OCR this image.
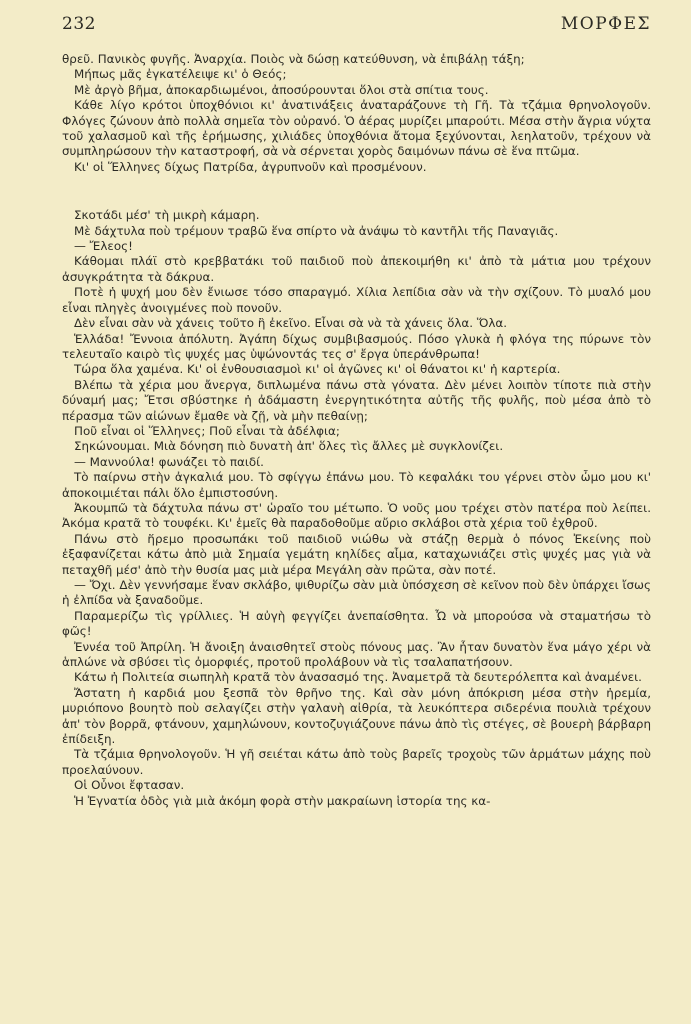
232	ΜΟΡΦΕΣ

θρεῦ. Πανικὸς φυγῆς. Ἀναρχία. Ποιὸς νὰ δώσῃ κατεύθυνση, νὰ ἐπιβάλῃ τάξη;

Μήπως μᾶς ἐγκατέλειψε κι' ὁ Θεός;

Μὲ ἀργὸ βῆμα, ἀποκαρδιωμένοι, ἀποσύρουνται ὅλοι στὰ σπίτια τους.

Κάθε λίγο κρότοι ὑποχθόνιοι κι' ἀνατινάξεις ἀναταράζουνε τὴ Γῆ. Τὰ τζάμια θρηνολογοῦν. Φλόγες ζώνουν ἀπὸ πολλὰ σημεῖα τὸν οὐρανό. Ὁ ἀέρας μυρίζει μπαρούτι. Μέσα στὴν ἄγρια νύχτα τοῦ χαλασμοῦ καὶ τῆς ἐρήμωσης, χιλιάδες ὑποχθόνια ἄτομα ξεχύνονται, λεηλατοῦν, τρέχουν νὰ συμπληρώσουν τὴν καταστροφή, σὰ νὰ σέρνεται χορὸς δαιμόνων πάνω σὲ ἕνα πτῶμα.

Κι' οἱ Ἕλληνες δίχως Πατρίδα, ἀγρυπνοῦν καὶ προσμένουν.

Σκοτάδι μέσ' τὴ μικρὴ κάμαρη.

Μὲ δάχτυλα ποὺ τρέμουν τραβῶ ἕνα σπίρτο νὰ ἀνάψω τὸ καντῆλι τῆς Παναγιᾶς.

— Ἔλεος!

Κάθομαι πλάϊ στὸ κρεββατάκι τοῦ παιδιοῦ ποὺ ἀπεκοιμήθη κι' ἀπὸ τὰ μάτια μου τρέχουν ἀσυγκράτητα τὰ δάκρυα.

Ποτὲ ἡ ψυχή μου δὲν ἔνιωσε τόσο σπαραγμό. Χίλια λεπίδια σὰν νὰ τὴν σχίζουν. Τὸ μυαλό μου εἶναι πληγὲς ἀνοιγμένες ποὺ πονοῦν.

Δὲν εἶναι σὰν νὰ χάνεις τοῦτο ἢ ἐκεῖνο. Εἶναι σὰ νὰ τὰ χάνεις ὅλα. Ὅλα.

Ἑλλάδα! Ἔννοια ἀπόλυτη. Ἀγάπη δίχως συμβιβασμούς. Πόσο γλυκὰ ἡ φλόγα της πύρωνε τὸν τελευταῖο καιρὸ τὶς ψυχές μας ὑψώνοντάς τες σ' ἔργα ὑπεράνθρωπα!

Τώρα ὅλα χαμένα. Κι' οἱ ἐνθουσιασμοὶ κι' οἱ ἀγῶνες κι' οἱ θάνατοι κι' ἡ καρτερία.

Βλέπω τὰ χέρια μου ἄνεργα, διπλωμένα πάνω στὰ γόνατα. Δὲν μένει λοιπὸν τίποτε πιὰ στὴν δύναμή μας; Ἔτσι σβύστηκε ἡ ἀδάμαστη ἐνεργητικότητα αὐτῆς τῆς φυλῆς, ποὺ μέσα ἀπὸ τὸ πέρασμα τῶν αἰώνων ἔμαθε νὰ ζῇ, νὰ μὴν πεθαίνῃ;

Ποῦ εἶναι οἱ Ἕλληνες; Ποῦ εἶναι τὰ ἀδέλφια;

Σηκώνουμαι. Μιὰ δόνηση πιὸ δυνατὴ ἀπ' ὅλες τὶς ἄλλες μὲ συγκλονίζει.

— Μαννούλα! φωνάζει τὸ παιδί.

Τὸ παίρνω στὴν ἀγκαλιά μου. Τὸ σφίγγω ἐπάνω μου. Τὸ κεφαλάκι του γέρνει στὸν ὦμο μου κι' ἀποκοιμιέται πάλι ὅλο ἐμπιστοσύνη.

Ἀκουμπῶ τὰ δάχτυλα πάνω στ' ὡραῖο του μέτωπο. Ὁ νοῦς μου τρέχει στὸν πατέρα ποὺ λείπει. Ἀκόμα κρατᾶ τὸ τουφέκι. Κι' ἐμεῖς θὰ παραδοθοῦμε αὔριο σκλάβοι στὰ χέρια τοῦ ἐχθροῦ.

Πάνω στὸ ἥρεμο προσωπάκι τοῦ παιδιοῦ νιώθω νὰ στάζῃ θερμὰ ὁ πόνος Ἐκείνης ποὺ ἐξαφανίζεται κάτω ἀπὸ μιὰ Σημαία γεμάτη κηλίδες αἷμα, καταχωνιάζει στὶς ψυχές μας γιὰ νὰ πεταχθῆ μέσ' ἀπὸ τὴν θυσία μας μιὰ μέρα Μεγάλη σὰν πρῶτα, σὰν ποτέ.

— Ὄχι. Δὲν γεννήσαμε ἕναν σκλάβο, ψιθυρίζω σὰν μιὰ ὑπόσχεση σὲ κεῖνον ποὺ δὲν ὑπάρχει ἴσως ἡ ἐλπίδα νὰ ξαναδοῦμε.

Παραμερίζω τὶς γρίλλιες. Ἡ αὐγὴ φεγγίζει ἀνεπαίσθητα. Ὦ νὰ μπορούσα νὰ σταματήσω τὸ φῶς!

Ἐννέα τοῦ Ἀπρίλη. Ἡ ἄνοιξη ἀναισθητεῖ στοὺς πόνους μας. Ἂν ἦταν δυνατὸν ἕνα μάγο χέρι νὰ ἁπλώνε νὰ σβύσει τὶς ὀμορφιές, προτοῦ προλάβουν νὰ τὶς τσαλαπατήσουν.

Κάτω ἡ Πολιτεία σιωπηλὴ κρατᾶ τὸν ἀνασασμό της. Ἀναμετρᾶ τὰ δευτερόλεπτα καὶ ἀναμένει.

Ἄστατη ἡ καρδιά μου ξεσπᾶ τὸν θρῆνο της. Καὶ σὰν μόνη ἀπόκριση μέσα στὴν ἠρεμία, μυριόπονο βουητὸ ποὺ σελαγίζει στὴν γαλανὴ αἰθρία, τὰ λευκόπτερα σιδερένια πουλιὰ τρέχουν ἀπ' τὸν βορρᾶ, φτάνουν, χαμηλώνουν, κοντοζυγιάζουνε πάνω ἀπὸ τὶς στέγες, σὲ βουερὴ βάρβαρη ἐπίδειξη.

Τὰ τζάμια θρηνολογοῦν. Ἡ γῆ σειέται κάτω ἀπὸ τοὺς βαρεῖς τροχοὺς τῶν ἁρμάτων μάχης ποὺ προελαύνουν.

Οἱ Οὖνοι ἔφτασαν.

Ἡ Ἐγνατία ὁδὸς γιὰ μιὰ ἀκόμη φορὰ στὴν μακραίωνη ἱστορία της κα-
